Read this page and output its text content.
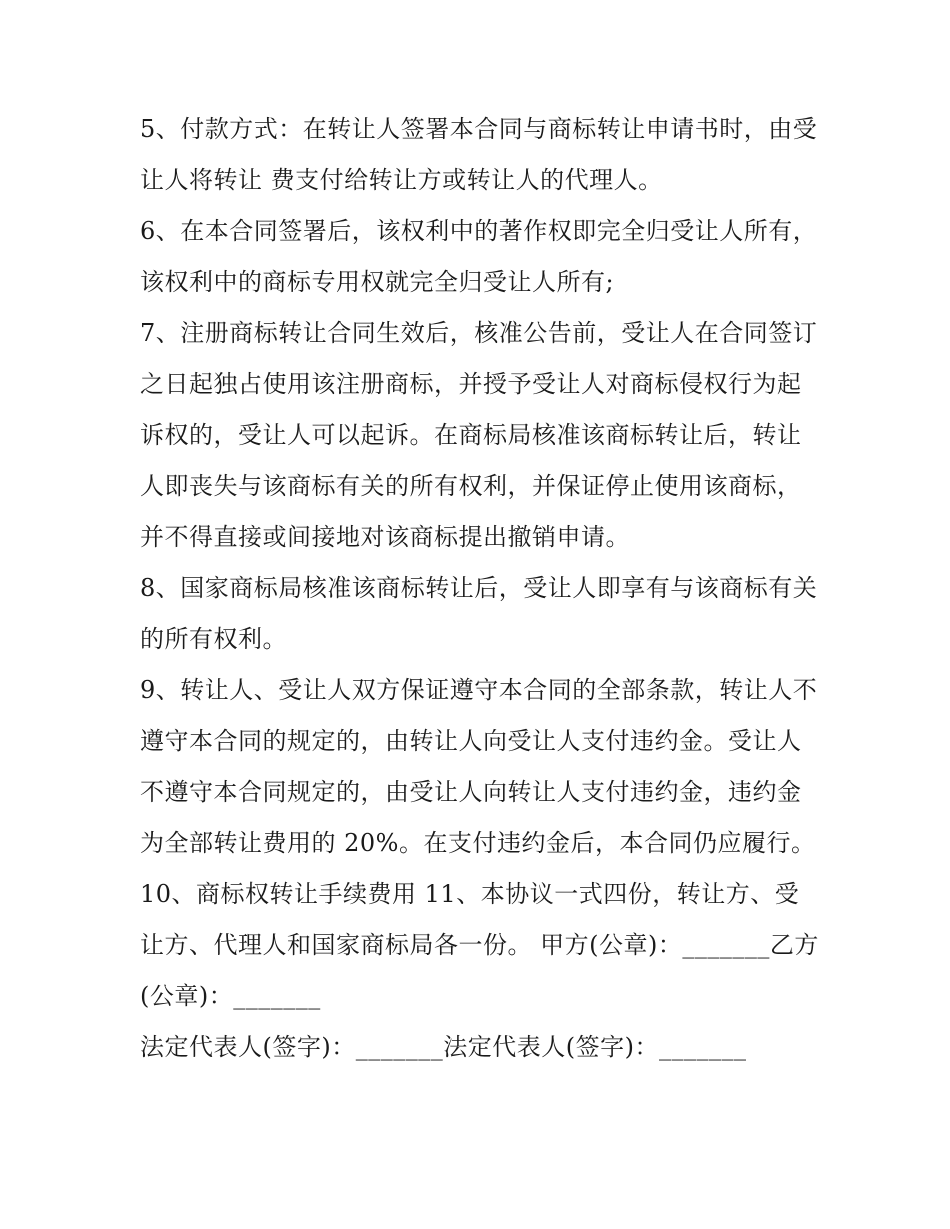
5、付款方式：在转让人签署本合同与商标转让申请书时，由受让人将转让 费支付给转让方或转让人的代理人。

6、在本合同签署后，该权利中的著作权即完全归受让人所有，该权利中的商标专用权就完全归受让人所有;

7、注册商标转让合同生效后，核准公告前，受让人在合同签订之日起独占使用该注册商标，并授予受让人对商标侵权行为起诉权的，受让人可以起诉。在商标局核准该商标转让后，转让人即丧失与该商标有关的所有权利，并保证停止使用该商标，并不得直接或间接地对该商标提出撤销申请。

8、国家商标局核准该商标转让后，受让人即享有与该商标有关的所有权利。

9、转让人、受让人双方保证遵守本合同的全部条款，转让人不遵守本合同的规定的，由转让人向受让人支付违约金。受让人不遵守本合同规定的，由受让人向转让人支付违约金，违约金为全部转让费用的 20%。在支付违约金后，本合同仍应履行。

10、商标权转让手续费用 11、本协议一式四份，转让方、受让方、代理人和国家商标局各一份。 甲方(公章)：_______乙方(公章)：_______

法定代表人(签字)：_______法定代表人(签字)：_______
